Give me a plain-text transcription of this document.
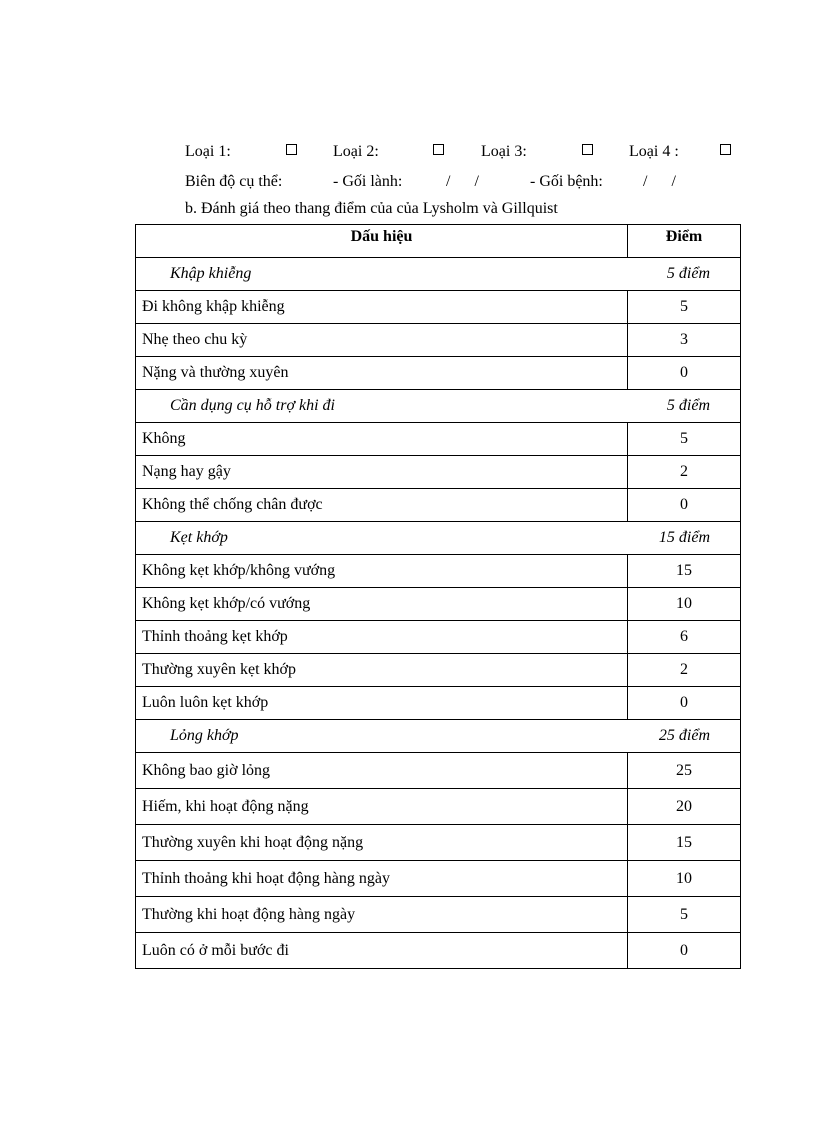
Loại 1:	Loại 2:	Loại 3:	Loại 4 :
Biên độ cụ thể:	- Gối lành:	/      /	- Gối bệnh:	/      /
b. Đánh giá theo thang điểm của của Lysholm và Gillquist
Dấu hiệu	Điểm
Khập khiễng	5 điểm
Đi không khập khiễng	5
Nhẹ theo chu kỳ	3
Nặng và thường xuyên	0
Cần dụng cụ hỗ trợ khi đi	5 điểm
Không	5
Nạng hay gậy	2
Không thể chống chân được	0
Kẹt khớp	15 điểm
Không kẹt khớp/không vướng	15
Không kẹt khớp/có vướng	10
Thỉnh thoảng kẹt khớp	6
Thường xuyên kẹt khớp	2
Luôn luôn kẹt khớp	0
Lỏng khớp	25 điểm
Không bao giờ lỏng	25
Hiếm, khi hoạt động nặng	20
Thường xuyên khi hoạt động nặng	15
Thỉnh thoảng khi hoạt động hàng ngày	10
Thường khi hoạt động hàng ngày	5
Luôn có ở mỗi bước đi	0
